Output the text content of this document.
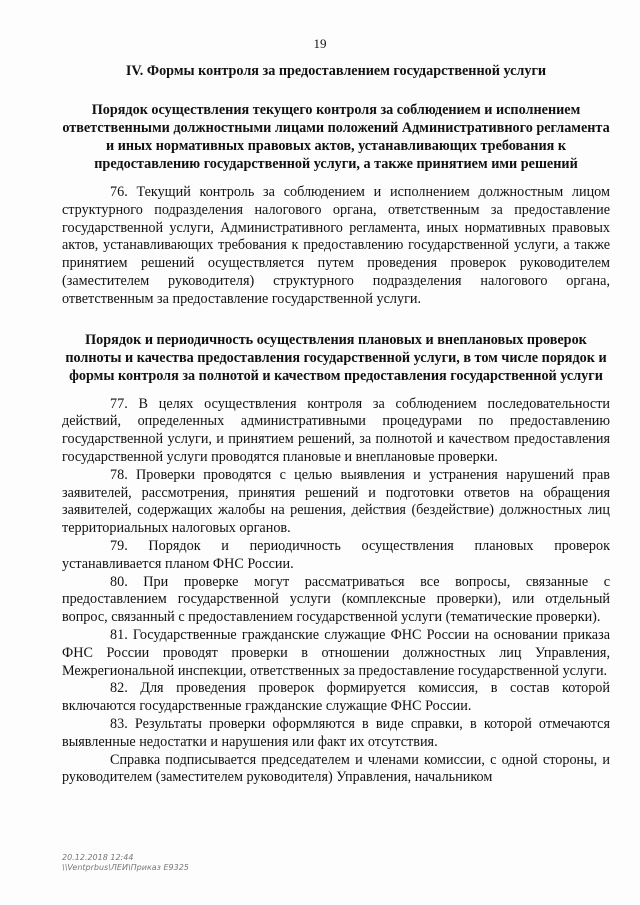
19

IV. Формы контроля за предоставлением государственной услуги

Порядок осуществления текущего контроля за соблюдением и исполнением ответственными должностными лицами положений Административного регламента и иных нормативных правовых актов, устанавливающих требования к предоставлению государственной услуги, а также принятием ими решений

76. Текущий контроль за соблюдением и исполнением должностным лицом структурного подразделения налогового органа, ответственным за предоставление государственной услуги, Административного регламента, иных нормативных правовых актов, устанавливающих требования к предоставлению государственной услуги, а также принятием решений осуществляется путем проведения проверок руководителем (заместителем руководителя) структурного подразделения налогового органа, ответственным за предоставление государственной услуги.

Порядок и периодичность осуществления плановых и внеплановых проверок полноты и качества предоставления государственной услуги, в том числе порядок и формы контроля за полнотой и качеством предоставления государственной услуги

77. В целях осуществления контроля за соблюдением последовательности действий, определенных административными процедурами по предоставлению государственной услуги, и принятием решений, за полнотой и качеством предоставления государственной услуги проводятся плановые и внеплановые проверки.

78. Проверки проводятся с целью выявления и устранения нарушений прав заявителей, рассмотрения, принятия решений и подготовки ответов на обращения заявителей, содержащих жалобы на решения, действия (бездействие) должностных лиц территориальных налоговых органов.

79. Порядок и периодичность осуществления плановых проверок устанавливается планом ФНС России.

80. При проверке могут рассматриваться все вопросы, связанные с предоставлением государственной услуги (комплексные проверки), или отдельный вопрос, связанный с предоставлением государственной услуги (тематические проверки).

81. Государственные гражданские служащие ФНС России на основании приказа ФНС России проводят проверки в отношении должностных лиц Управления, Межрегиональной инспекции, ответственных за предоставление государственной услуги.

82. Для проведения проверок формируется комиссия, в состав которой включаются государственные гражданские служащие ФНС России.

83. Результаты проверки оформляются в виде справки, в которой отмечаются выявленные недостатки и нарушения или факт их отсутствия.

Справка подписывается председателем и членами комиссии, с одной стороны, и руководителем (заместителем руководителя) Управления, начальником

20.12.2018 12:44
\\Ventprbus\ЛЕИ\Приказ Е9325
